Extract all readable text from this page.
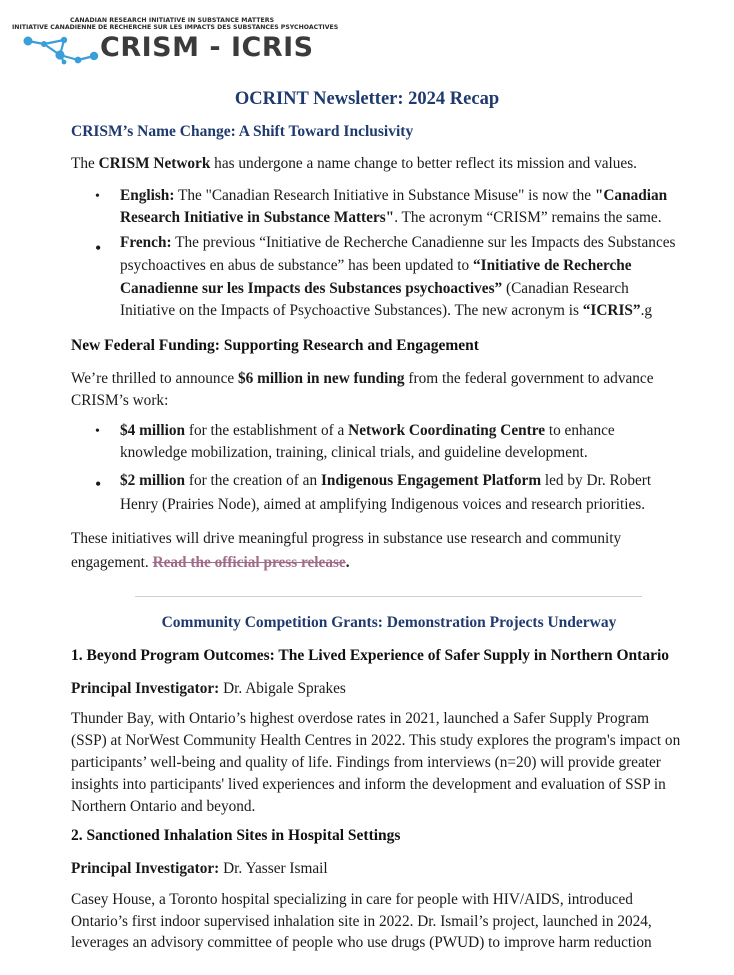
CANADIAN RESEARCH INITIATIVE IN SUBSTANCE MATTERS
INITIATIVE CANADIENNE DE RECHERCHE SUR LES IMPACTS DES SUBSTANCES PSYCHOACTIVES
CRISM - ICRIS
OCRINT Newsletter: 2024 Recap
CRISM’s Name Change: A Shift Toward Inclusivity
The CRISM Network has undergone a name change to better reflect its mission and values.
• English: The "Canadian Research Initiative in Substance Misuse" is now the "Canadian
Research Initiative in Substance Matters". The acronym “CRISM” remains the same.
• French: The previous “Initiative de Recherche Canadienne sur les Impacts des Substances
psychoactives en abus de substance” has been updated to “Initiative de Recherche
Canadienne sur les Impacts des Substances psychoactives” (Canadian Research
Initiative on the Impacts of Psychoactive Substances). The new acronym is “ICRIS”.g
New Federal Funding: Supporting Research and Engagement
We’re thrilled to announce $6 million in new funding from the federal government to advance
CRISM’s work:
• $4 million for the establishment of a Network Coordinating Centre to enhance
knowledge mobilization, training, clinical trials, and guideline development.
• $2 million for the creation of an Indigenous Engagement Platform led by Dr. Robert
Henry (Prairies Node), aimed at amplifying Indigenous voices and research priorities.
These initiatives will drive meaningful progress in substance use research and community
engagement. Read the official press release.
Community Competition Grants: Demonstration Projects Underway
1. Beyond Program Outcomes: The Lived Experience of Safer Supply in Northern Ontario
Principal Investigator: Dr. Abigale Sprakes
Thunder Bay, with Ontario’s highest overdose rates in 2021, launched a Safer Supply Program
(SSP) at NorWest Community Health Centres in 2022. This study explores the program's impact on
participants’ well-being and quality of life. Findings from interviews (n=20) will provide greater
insights into participants' lived experiences and inform the development and evaluation of SSP in
Northern Ontario and beyond.
2. Sanctioned Inhalation Sites in Hospital Settings
Principal Investigator: Dr. Yasser Ismail
Casey House, a Toronto hospital specializing in care for people with HIV/AIDS, introduced
Ontario’s first indoor supervised inhalation site in 2022. Dr. Ismail’s project, launched in 2024,
leverages an advisory committee of people who use drugs (PWUD) to improve harm reduction
